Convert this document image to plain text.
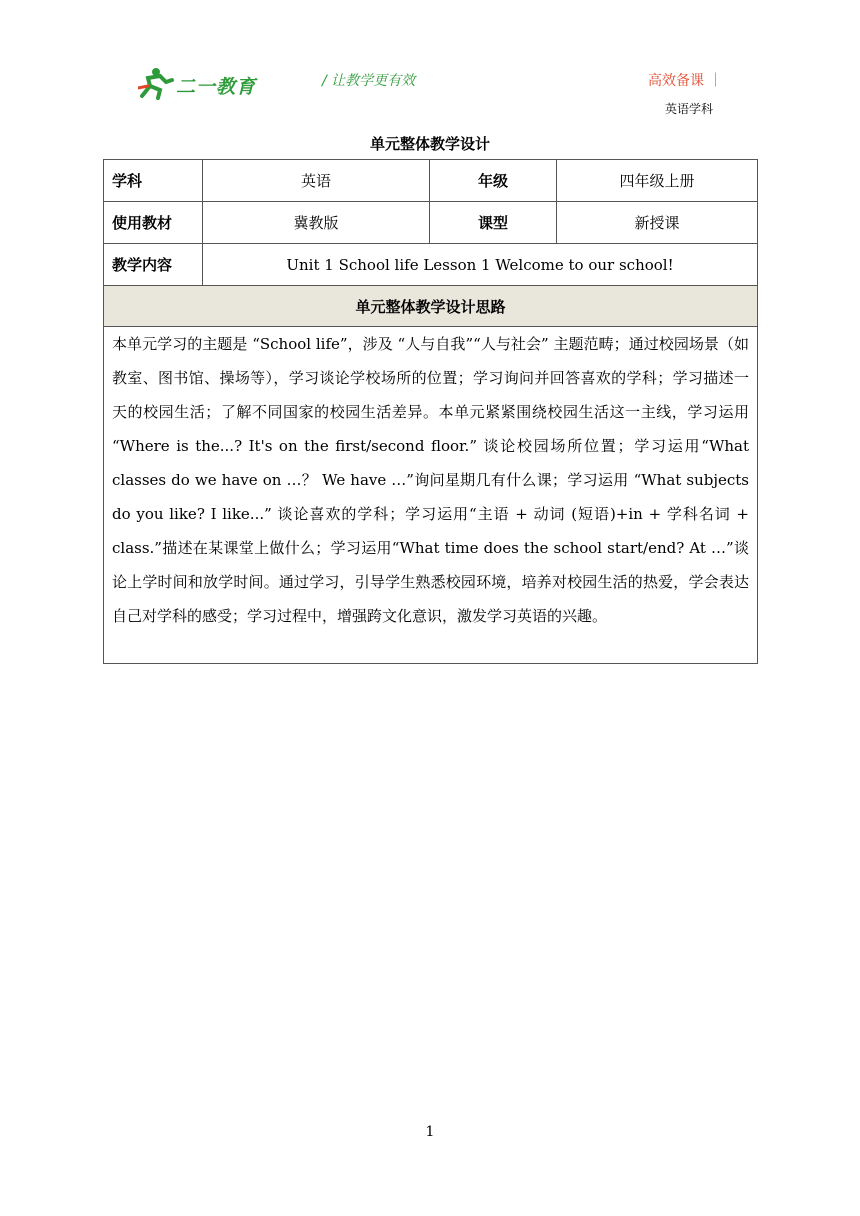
二一教育	/ 让教学更有效	高效备课 ｜
英语学科
单元整体教学设计
学科	英语	年级	四年级上册
使用教材	冀教版	课型	新授课
教学内容	Unit 1 School life Lesson 1 Welcome to our school!		
单元整体教学设计思路			
本单元学习的主题是 “School life”，涉及 “人与自我”“人与社会” 主题范畴；通过校园场景（如教室、图书馆、操场等），学习谈论学校场所的位置；学习询问并回答喜欢的学科；学习描述一天的校园生活；了解不同国家的校园生活差异。本单元紧紧围绕校园生活这一主线，学习运用 “Where is the...? It's on the first/second floor.” 谈论校园场所位置；学习运用“What classes do we have on …？ We have …”询问星期几有什么课；学习运用 “What subjects do you like? I like...” 谈论喜欢的学科；学习运用“主语 + 动词 (短语)+in + 学科名词 + class.”描述在某课堂上做什么；学习运用“What time does the school start/end? At …”谈论上学时间和放学时间。通过学习，引导学生熟悉校园环境，培养对校园生活的热爱，学会表达自己对学科的感受；学习过程中，增强跨文化意识，激发学习英语的兴趣。			
1
